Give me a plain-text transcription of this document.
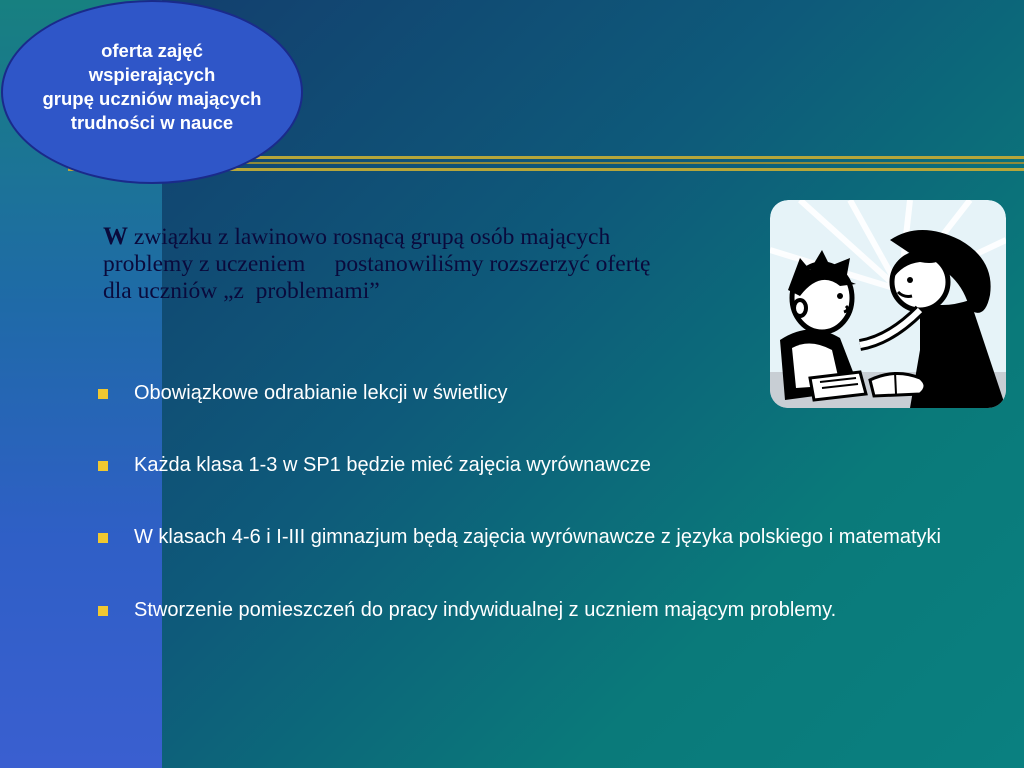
oferta zajęć
wspierających
grupę uczniów mających
trudności w nauce
W związku z lawinowo rosnącą grupą osób mających
problemy z uczeniem     postanowiliśmy rozszerzyć ofertę
dla uczniów „z  problemami”
Obowiązkowe odrabianie lekcji w świetlicy
Każda klasa 1-3 w SP1 będzie mieć zajęcia wyrównawcze
W klasach 4-6 i I-III gimnazjum będą zajęcia wyrównawcze z języka polskiego i matematyki
Stworzenie pomieszczeń do pracy indywidualnej z uczniem mającym problemy.
